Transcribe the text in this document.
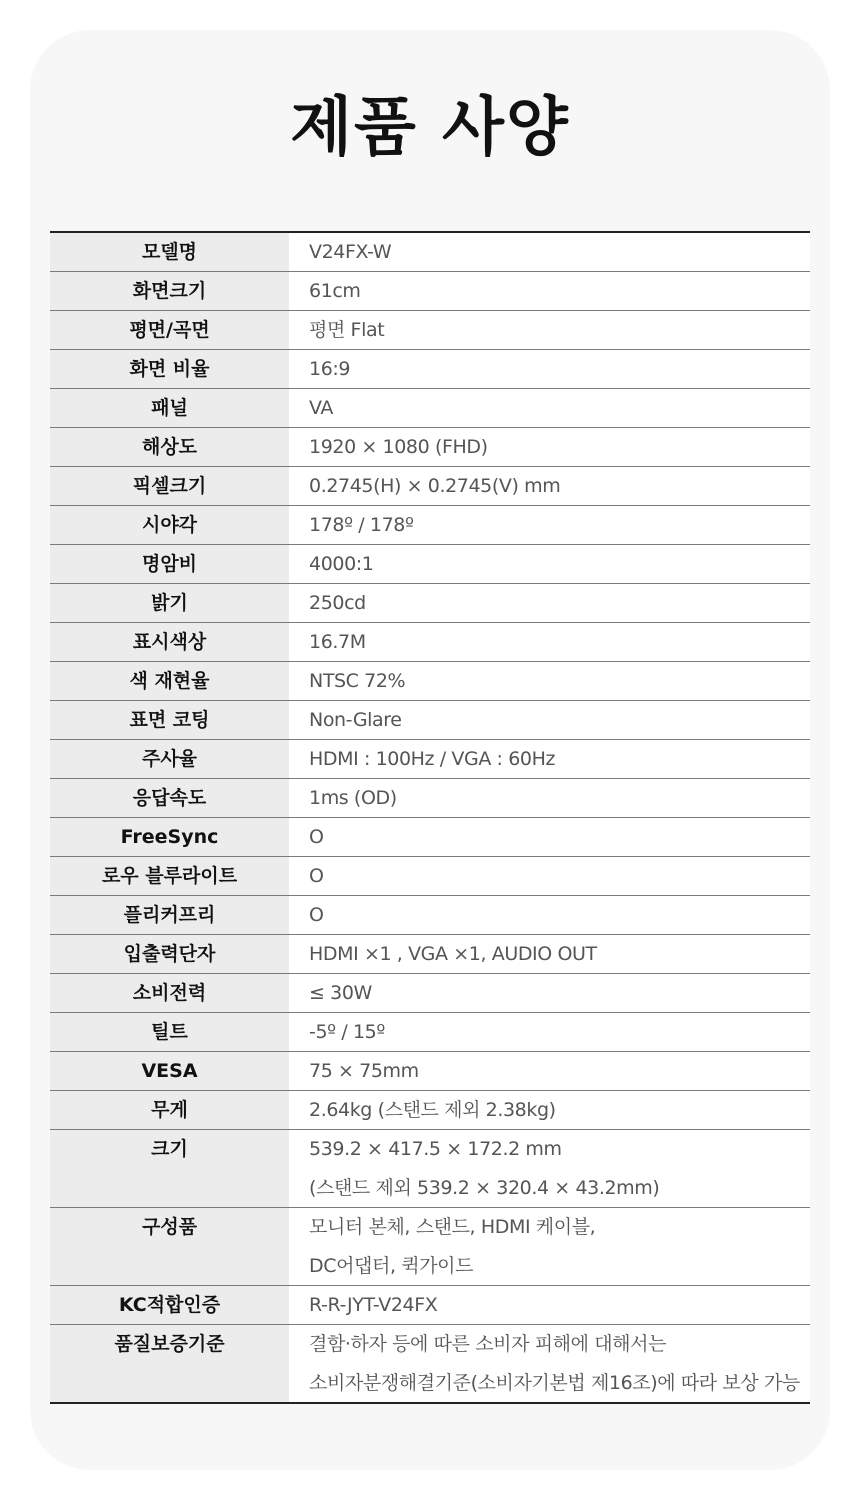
제품 사양
모델명	V24FX-W
화면크기	61cm
평면/곡면	평면 Flat
화면 비율	16:9
패널	VA
해상도	1920 × 1080 (FHD)
픽셀크기	0.2745(H) × 0.2745(V) mm
시야각	178º / 178º
명암비	4000:1
밝기	250cd
표시색상	16.7M
색 재현율	NTSC 72%
표면 코팅	Non-Glare
주사율	HDMI : 100Hz / VGA : 60Hz
응답속도	1ms (OD)
FreeSync	O
로우 블루라이트	O
플리커프리	O
입출력단자	HDMI ×1 , VGA ×1, AUDIO OUT
소비전력	≤ 30W
틸트	-5º / 15º
VESA	75 × 75mm
무게	2.64kg (스탠드 제외 2.38kg)
크기	539.2 × 417.5 × 172.2 mm
(스탠드 제외 539.2 × 320.4 × 43.2mm)
구성품	모니터 본체, 스탠드, HDMI 케이블,
DC어댑터, 퀵가이드
KC적합인증	R-R-JYT-V24FX
품질보증기준	결함·하자 등에 따른 소비자 피해에 대해서는
소비자분쟁해결기준(소비자기본법 제16조)에 따라 보상 가능
